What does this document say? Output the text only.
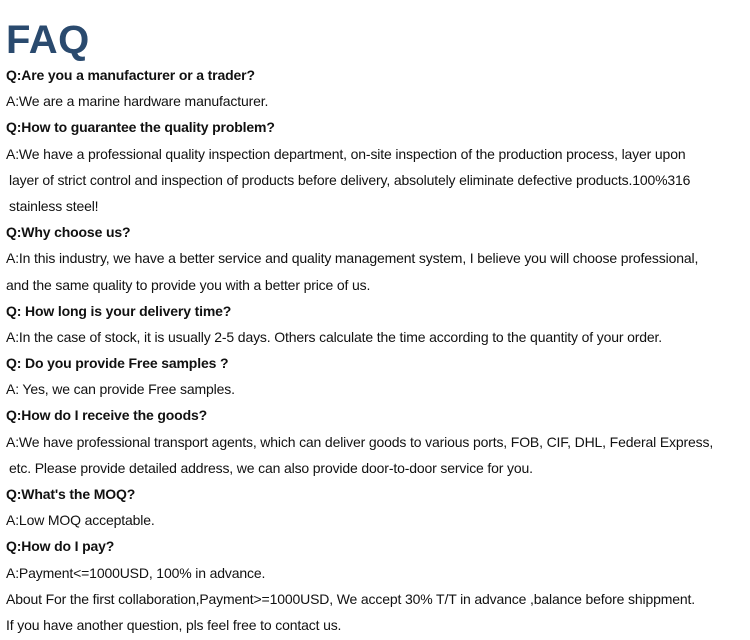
FAQ
Q:Are you a manufacturer or a trader?
A:We are a marine hardware manufacturer.
Q:How to guarantee the quality problem?
A:We have a professional quality inspection department, on-site inspection of the production process, layer upon
layer of strict control and inspection of products before delivery, absolutely eliminate defective products.100%316
stainless steel!
Q:Why choose us?
A:In this industry, we have a better service and quality management system, I believe you will choose professional,
and the same quality to provide you with a better price of us.
Q: How long is your delivery time?
A:In the case of stock, it is usually 2-5 days. Others calculate the time according to the quantity of your order.
Q: Do you provide Free samples ?
A: Yes, we can provide Free samples.
Q:How do I receive the goods?
A:We have professional transport agents, which can deliver goods to various ports, FOB, CIF, DHL, Federal Express,
etc. Please provide detailed address, we can also provide door-to-door service for you.
Q:What's the MOQ?
A:Low MOQ acceptable.
Q:How do I pay?
A:Payment<=1000USD, 100% in advance.
About For the first collaboration,Payment>=1000USD, We accept 30% T/T in advance ,balance before shippment.
If you have another question, pls feel free to contact us.
